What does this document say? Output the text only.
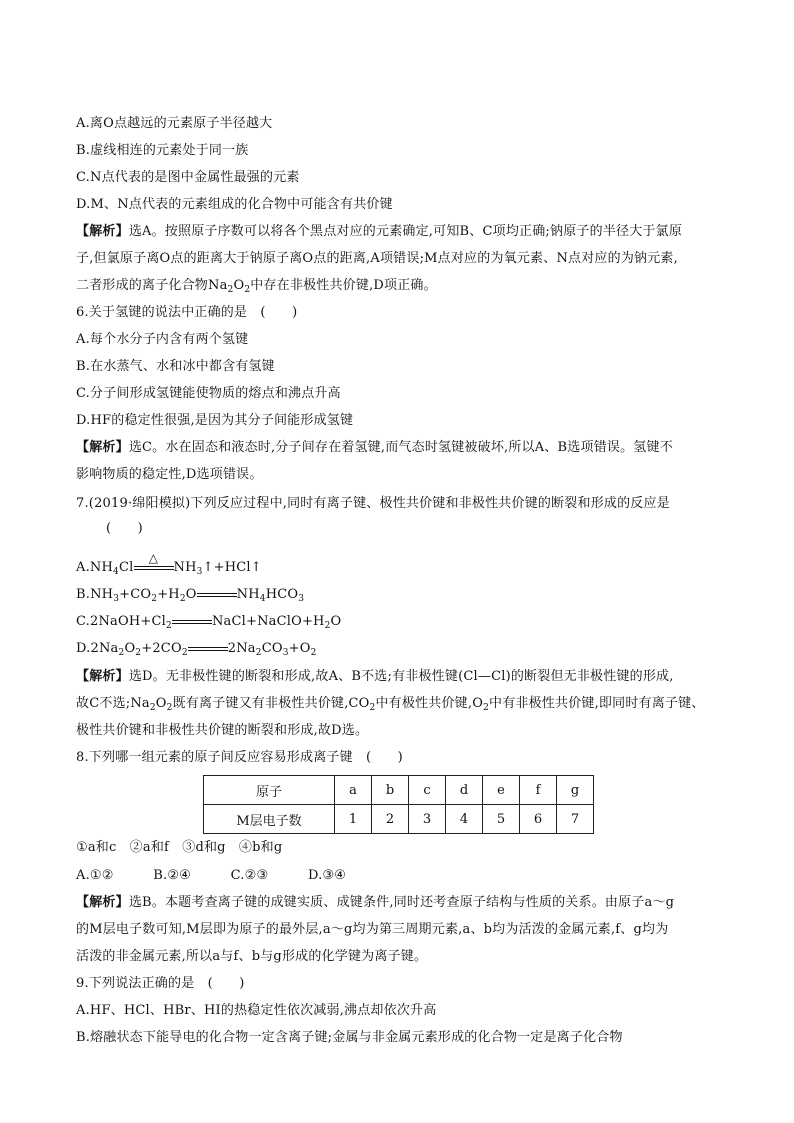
A.离O点越远的元素原子半径越大
B.虚线相连的元素处于同一族
C.N点代表的是图中金属性最强的元素
D.M、N点代表的元素组成的化合物中可能含有共价键
【解析】选A。按照原子序数可以将各个黑点对应的元素确定,可知B、C项均正确;钠原子的半径大于氯原
子,但氯原子离O点的距离大于钠原子离O点的距离,A项错误;M点对应的为氧元素、N点对应的为钠元素,
二者形成的离子化合物$Na_2O_2$中存在非极性共价键,D项正确。
6.关于氢键的说法中正确的是　(　　)
A.每个水分子内含有两个氢键
B.在水蒸气、水和冰中都含有氢键
C.分子间形成氢键能使物质的熔点和沸点升高
D.HF的稳定性很强,是因为其分子间能形成氢键
【解析】选C。水在固态和液态时,分子间存在着氢键,而气态时氢键被破坏,所以A、B选项错误。氢键不
影响物质的稳定性,D选项错误。
7.(2019·绵阳模拟)下列反应过程中,同时有离子键、极性共价键和非极性共价键的断裂和形成的反应是
(　　)
$A.NH_4Cl$
△
$NH_3↑+HCl↑$
$B.NH_3+CO_2+H_2O$	$NH_4HCO_3$
$C.2NaOH+Cl_2$	$NaCl+NaClO+H_2O$
$D.2Na_2O_2+2CO_2$	$2Na_2CO_3+O_2$
【解析】选D。无非极性键的断裂和形成,故A、B不选;有非极性键(Cl—Cl)的断裂但无非极性键的形成,
故C不选$;Na_2O_2$既有离子键又有非极性共价键$,CO_2$中有极性共价键$,O_2$中有非极性共价键,即同时有离子键、
极性共价键和非极性共价键的断裂和形成,故D选。
8.下列哪一组元素的原子间反应容易形成离子键　(　　)
原子	a	b	c	d	e	f	g
M层电子数	1	2	3	4	5	6	7
①a和c　②a和f　③d和g　④b和g
A.①②　　　B.②④　　　C.②③　　　D.③④
【解析】选B。本题考查离子键的成键实质、成键条件,同时还考查原子结构与性质的关系。由原子a～g
的M层电子数可知,M层即为原子的最外层,a～g均为第三周期元素,a、b均为活泼的金属元素,f、g均为
活泼的非金属元素,所以a与f、b与g形成的化学键为离子键。
9.下列说法正确的是　(　　)
A.HF、HCl、HBr、HI的热稳定性依次减弱,沸点却依次升高
B.熔融状态下能导电的化合物一定含离子键;金属与非金属元素形成的化合物一定是离子化合物
